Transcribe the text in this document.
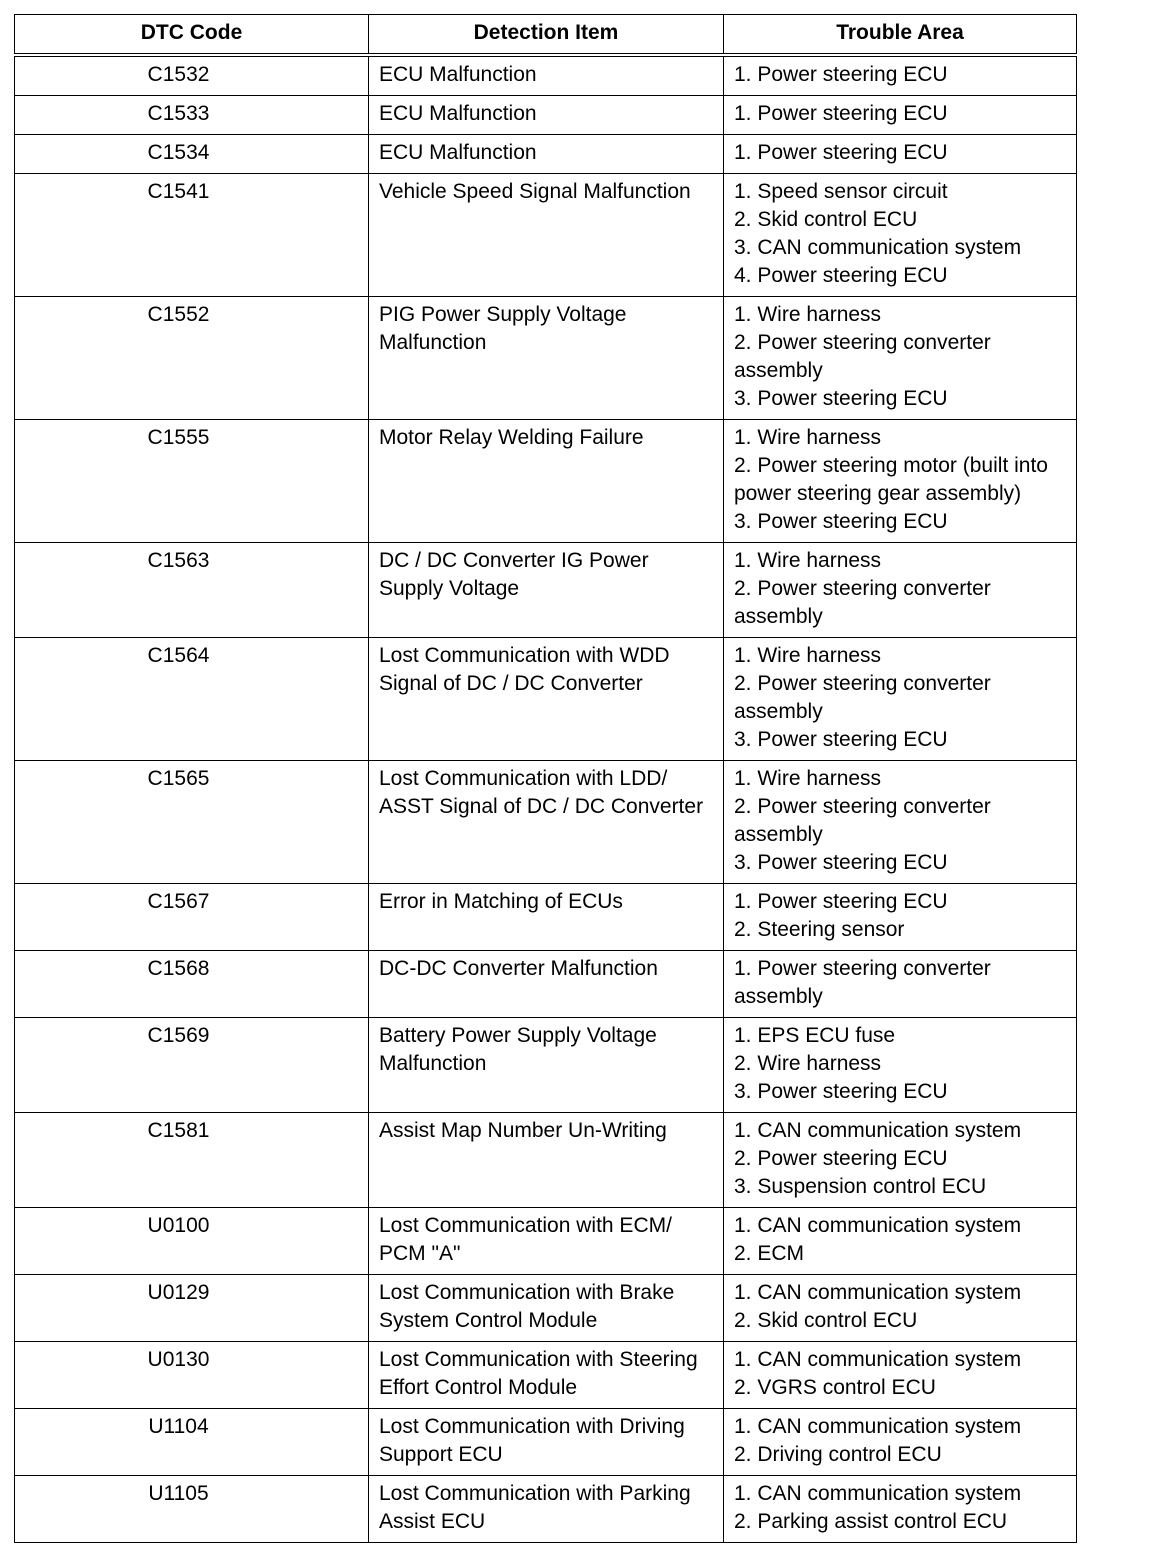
DTC Code	Detection Item	Trouble Area
C1532	ECU Malfunction	1. Power steering ECU

C1533	ECU Malfunction	1. Power steering ECU

C1534	ECU Malfunction	1. Power steering ECU

C1541	Vehicle Speed Signal Malfunction	1. Speed sensor circuit
2. Skid control ECU
3. CAN communication system
4. Power steering ECU

C1552	PIG Power Supply Voltage Malfunction	1. Wire harness
2. Power steering converter assembly
3. Power steering ECU

C1555	Motor Relay Welding Failure	1. Wire harness
2. Power steering motor (built into power steering gear assembly)
3. Power steering ECU

C1563	DC / DC Converter IG Power Supply Voltage	1. Wire harness
2. Power steering converter assembly

C1564	Lost Communication with WDD Signal of DC / DC Converter	1. Wire harness
2. Power steering converter assembly
3. Power steering ECU

C1565	Lost Communication with LDD/ ASST Signal of DC / DC Converter	1. Wire harness
2. Power steering converter assembly
3. Power steering ECU

C1567	Error in Matching of ECUs	1. Power steering ECU
2. Steering sensor

C1568	DC-DC Converter Malfunction	1. Power steering converter assembly

C1569	Battery Power Supply Voltage Malfunction	1. EPS ECU fuse
2. Wire harness
3. Power steering ECU

C1581	Assist Map Number Un-Writing	1. CAN communication system
2. Power steering ECU
3. Suspension control ECU

U0100	Lost Communication with ECM/ PCM "A"	1. CAN communication system
2. ECM

U0129	Lost Communication with Brake System Control Module	1. CAN communication system
2. Skid control ECU

U0130	Lost Communication with Steering Effort Control Module	1. CAN communication system
2. VGRS control ECU

U1104	Lost Communication with Driving Support ECU	1. CAN communication system
2. Driving control ECU

U1105	Lost Communication with Parking Assist ECU	1. CAN communication system
2. Parking assist control ECU
